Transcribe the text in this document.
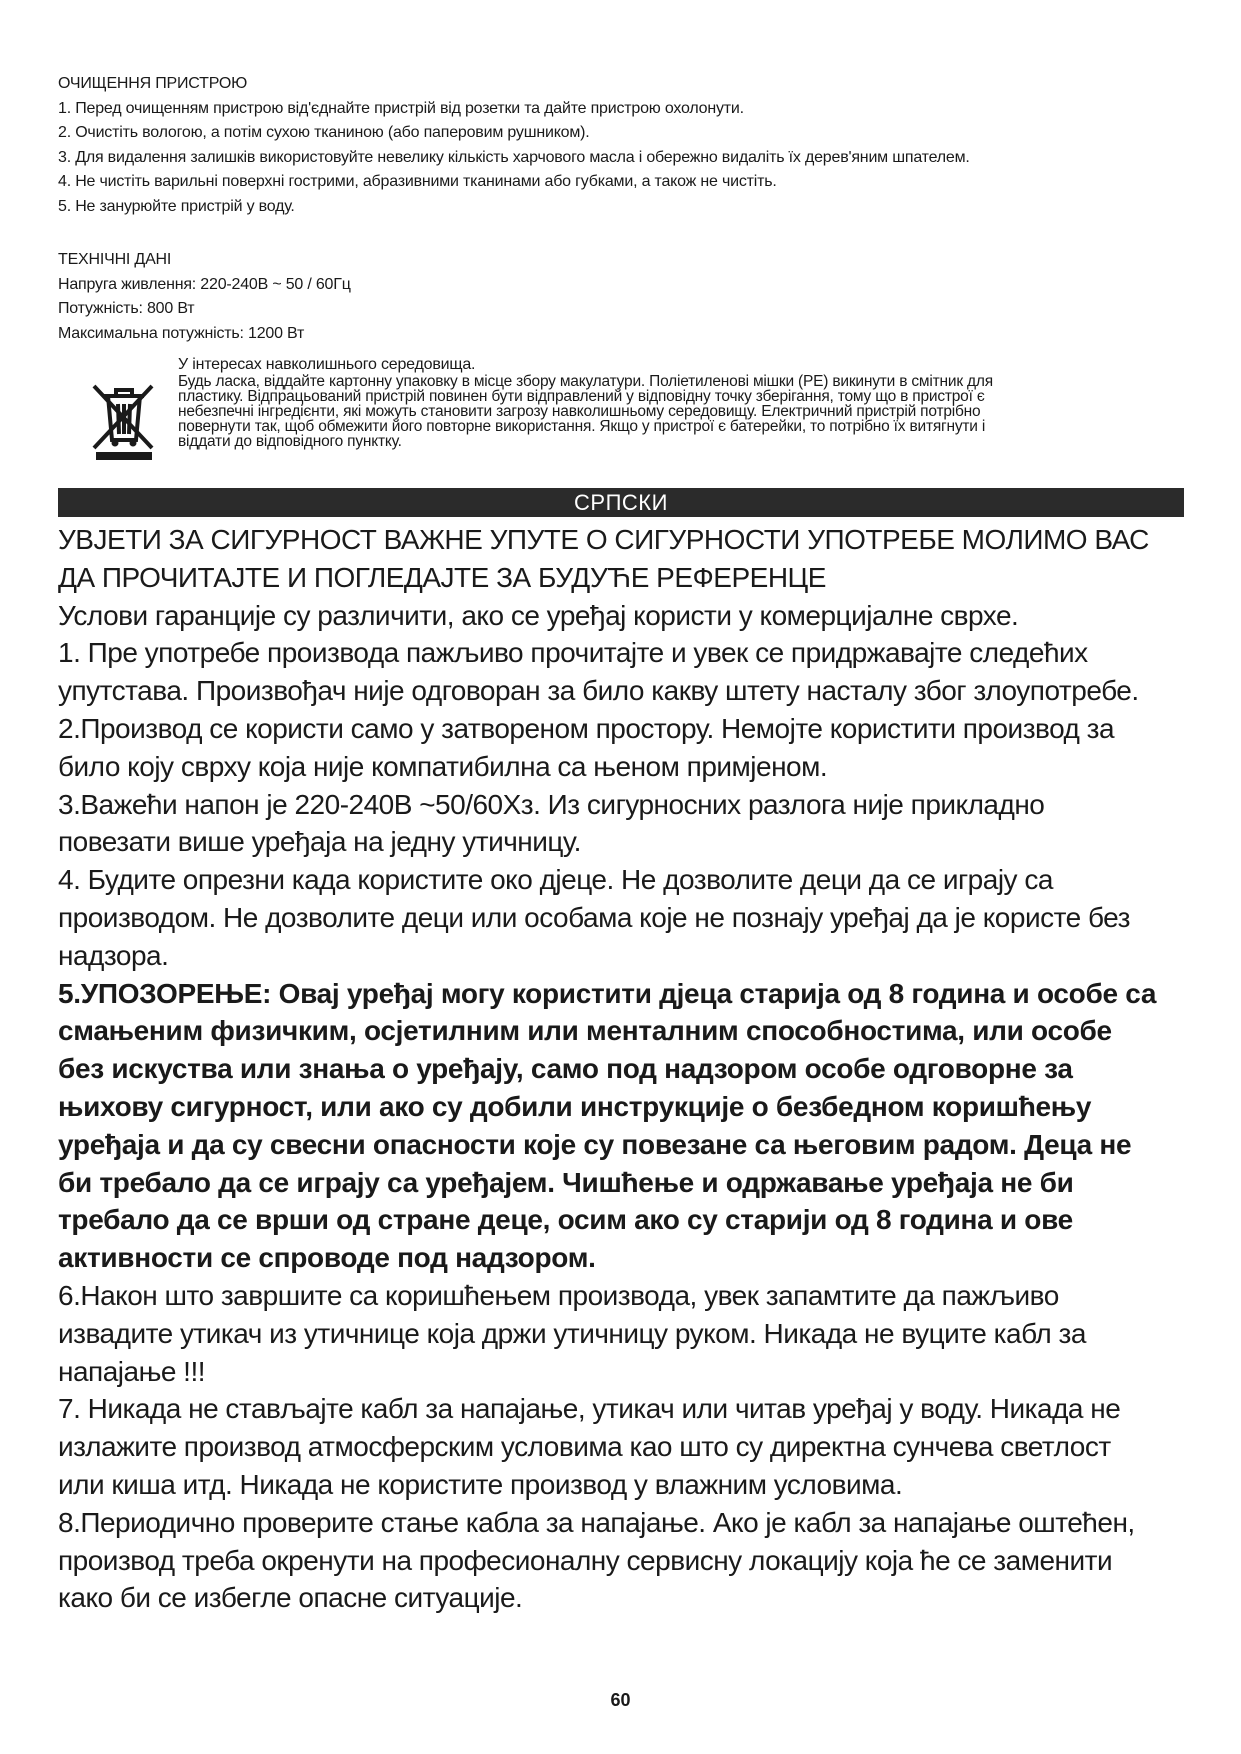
ОЧИЩЕННЯ ПРИСТРОЮ
1. Перед очищенням пристрою від'єднайте пристрій від розетки та дайте пристрою охолонути.
2. Очистіть вологою, а потім сухою тканиною (або паперовим рушником).
3. Для видалення залишків використовуйте невелику кількість харчового масла і обережно видаліть їх дерев'яним шпателем.
4. Не чистіть варильні поверхні гострими, абразивними тканинами або губками, а також не чистіть.
5. Не занурюйте пристрій у воду.
ТЕХНІЧНІ ДАНІ
Напруга живлення: 220-240В ~ 50 / 60Гц
Потужність: 800 Вт
Максимальна потужність: 1200 Вт
У інтересах навколишнього середовища.
Будь ласка, віддайте картонну упаковку в місце збору макулатури. Поліетиленові мішки (PE) викинути в смітник для
пластику. Відпрацьований пристрій повинен бути відправлений у відповідну точку зберігання, тому що в пристрої є
небезпечні інгредієнти, які можуть становити загрозу навколишньому середовищу. Електричний пристрій потрібно
повернути так, щоб обмежити його повторне використання. Якщо у пристрої є батерейки, то потрібно їх витягнути і
віддати до відповідного пунктку.
СРПСКИ
УВЈЕТИ ЗА СИГУРНОСТ ВАЖНЕ УПУТЕ О СИГУРНОСТИ УПОТРЕБЕ МОЛИМО ВАС
ДА ПРОЧИТАЈТЕ И ПОГЛЕДАЈТЕ ЗА БУДУЋЕ РЕФЕРЕНЦЕ
Услови гаранције су различити, ако се уређај користи у комерцијалне сврхе.
1. Пре употребе производа пажљиво прочитајте и увек се придржавајте следећих
упутстава. Произвођач није одговоран за било какву штету насталу због злоупотребе.
2.Производ се користи само у затвореном простору. Немојте користити производ за
било коју сврху која није компатибилна са њеном примјеном.
3.Важећи напон је 220-240В ~50/60Хз. Из сигурносних разлога није прикладно
повезати више уређаја на једну утичницу.
4. Будите опрезни када користите око дјеце. Не дозволите деци да се играју са
производом. Не дозволите деци или особама које не познају уређај да је користе без
надзора.
5.УПОЗОРЕЊЕ: Овај уређај могу користити дјеца старија од 8 година и особе са
смањеним физичким, осјетилним или менталним способностима, или особе
без искуства или знања о уређају, само под надзором особе одговорне за
њихову сигурност, или ако су добили инструкције о безбедном коришћењу
уређаја и да су свесни опасности које су повезане са његовим радом. Деца не
би требало да се играју са уређајем. Чишћење и одржавање уређаја не би
требало да се врши од стране деце, осим ако су старији од 8 година и ове
активности се спроводе под надзором.
6.Након што завршите са коришћењем производа, увек запамтите да пажљиво
извадите утикач из утичнице која држи утичницу руком. Никада не вуците кабл за
напајање !!!
7. Никада не стављајте кабл за напајање, утикач или читав уређај у воду. Никада не
излажите производ атмосферским условима као што су директна сунчева светлост
или киша итд. Никада не користите производ у влажним условима.
8.Периодично проверите стање кабла за напајање. Ако је кабл за напајање оштећен,
производ треба окренути на професионалну сервисну локацију која ће се заменити
како би се избегле опасне ситуације.
60
